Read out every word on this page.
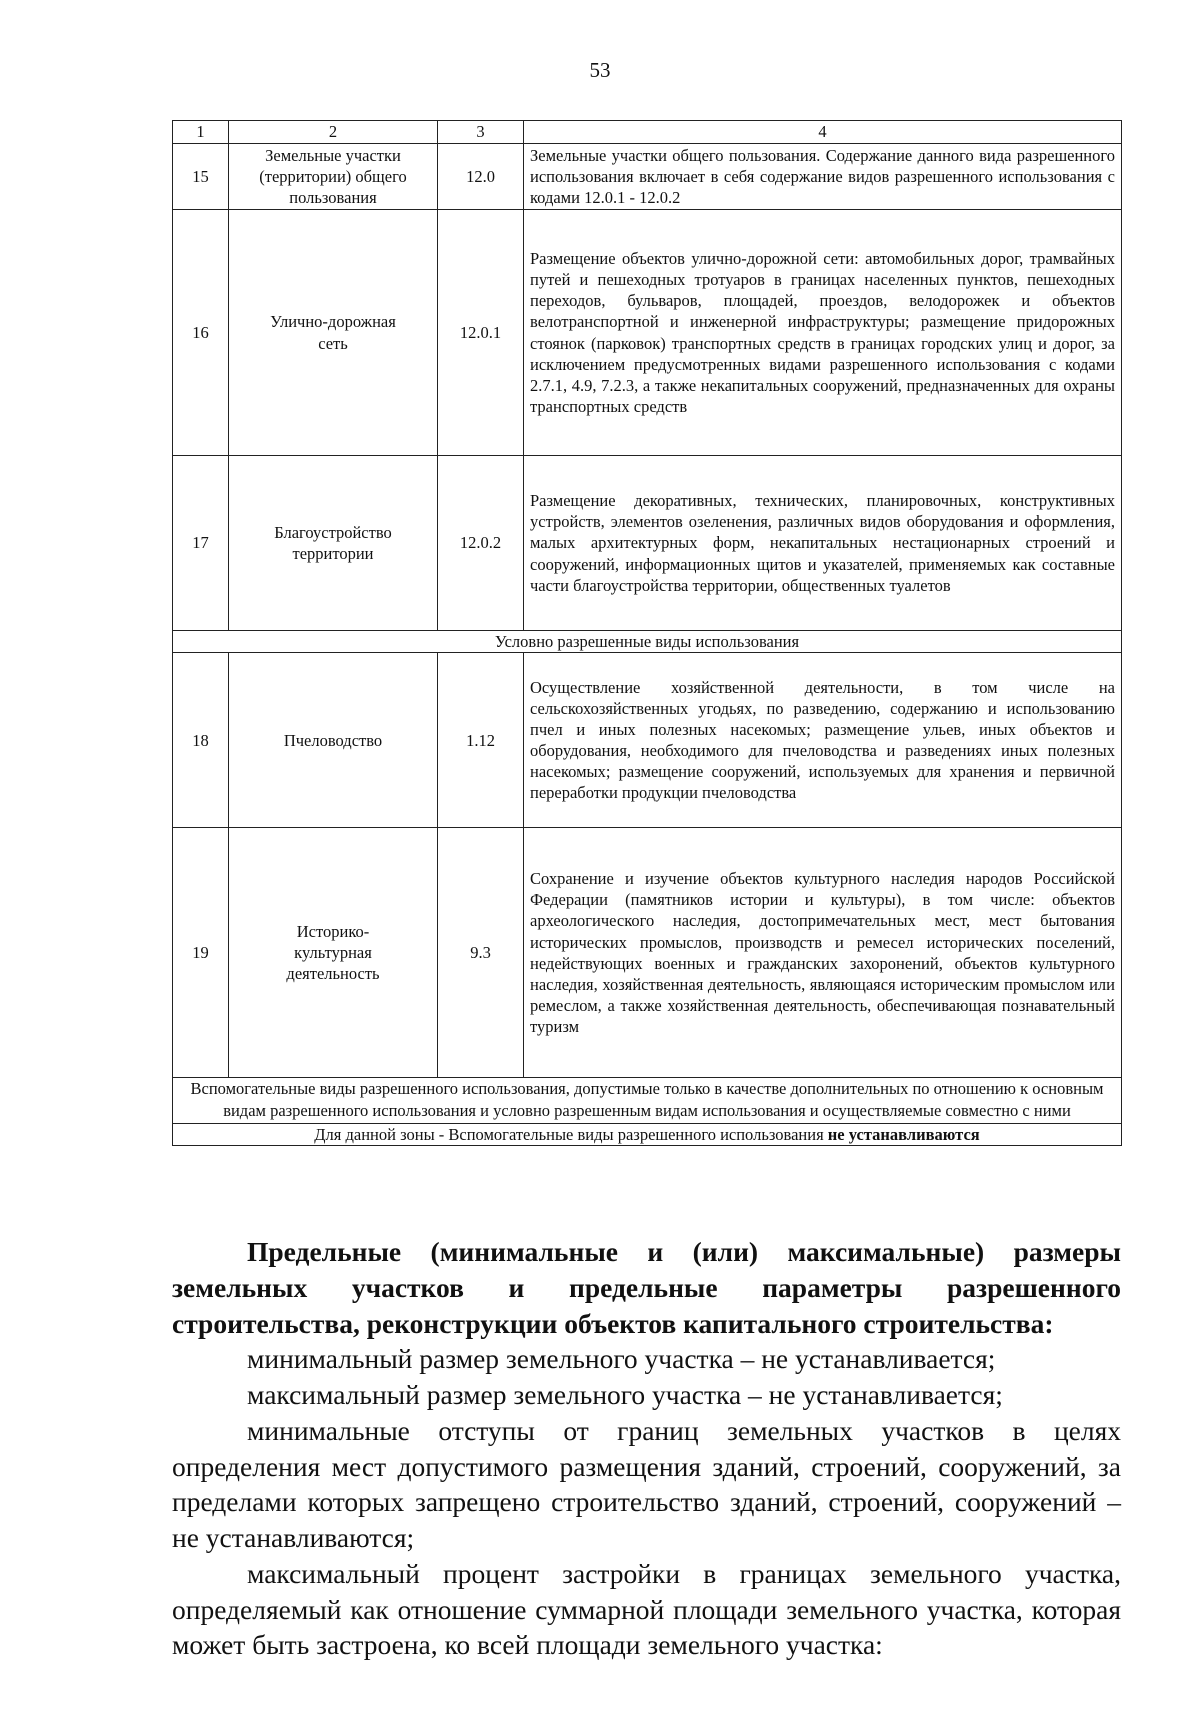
53
1	2	3	4
15	Земельные участки (территории) общего пользования	12.0	Земельные участки общего пользования. Содержание данного вида разрешенного использования включает в себя содержание видов разрешенного использования с кодами 12.0.1 - 12.0.2
16	Улично-дорожная сеть	12.0.1	Размещение объектов улично-дорожной сети: автомобильных дорог, трамвайных путей и пешеходных тротуаров в границах населенных пунктов, пешеходных переходов, бульваров, площадей, проездов, велодорожек и объектов велотранспортной и инженерной инфраструктуры; размещение придорожных стоянок (парковок) транспортных средств в границах городских улиц и дорог, за исключением предусмотренных видами разрешенного использования с кодами 2.7.1, 4.9, 7.2.3, а также некапитальных сооружений, предназначенных для охраны транспортных средств
17	Благоустройство территории	12.0.2	Размещение декоративных, технических, планировочных, конструктивных устройств, элементов озеленения, различных видов оборудования и оформления, малых архитектурных форм, некапитальных нестационарных строений и сооружений, информационных щитов и указателей, применяемых как составные части благоустройства территории, общественных туалетов
Условно разрешенные виды использования			
18	Пчеловодство	1.12	Осуществление хозяйственной деятельности, в том числе на сельскохозяйственных угодьях, по разведению, содержанию и использованию пчел и иных полезных насекомых; размещение ульев, иных объектов и оборудования, необходимого для пчеловодства и разведениях иных полезных насекомых; размещение сооружений, используемых для хранения и первичной переработки продукции пчеловодства
19	Историко-культурная деятельность	9.3	Сохранение и изучение объектов культурного наследия народов Российской Федерации (памятников истории и культуры), в том числе: объектов археологического наследия, достопримечательных мест, мест бытования исторических промыслов, производств и ремесел исторических поселений, недействующих военных и гражданских захоронений, объектов культурного наследия, хозяйственная деятельность, являющаяся историческим промыслом или ремеслом, а также хозяйственная деятельность, обеспечивающая познавательный туризм
Вспомогательные виды разрешенного использования, допустимые только в качестве дополнительных по отношению к основным видам разрешенного использования и условно разрешенным видам использования и осуществляемые совместно с ними			
Для данной зоны - Вспомогательные виды разрешенного использования не устанавливаются			

Предельные (минимальные и (или) максимальные) размеры земельных участков и предельные параметры разрешенного

строительства, реконструкции объектов капитального строительства:

минимальный размер земельного участка – не устанавливается;

максимальный размер земельного участка – не устанавливается;

минимальные отступы от границ земельных участков в целях определения мест допустимого размещения зданий, строений, сооружений, за пределами которых запрещено строительство зданий, строений, сооружений – не устанавливаются;

максимальный процент застройки в границах земельного участка, определяемый как отношение суммарной площади земельного участка, которая может быть застроена, ко всей площади земельного участка:
